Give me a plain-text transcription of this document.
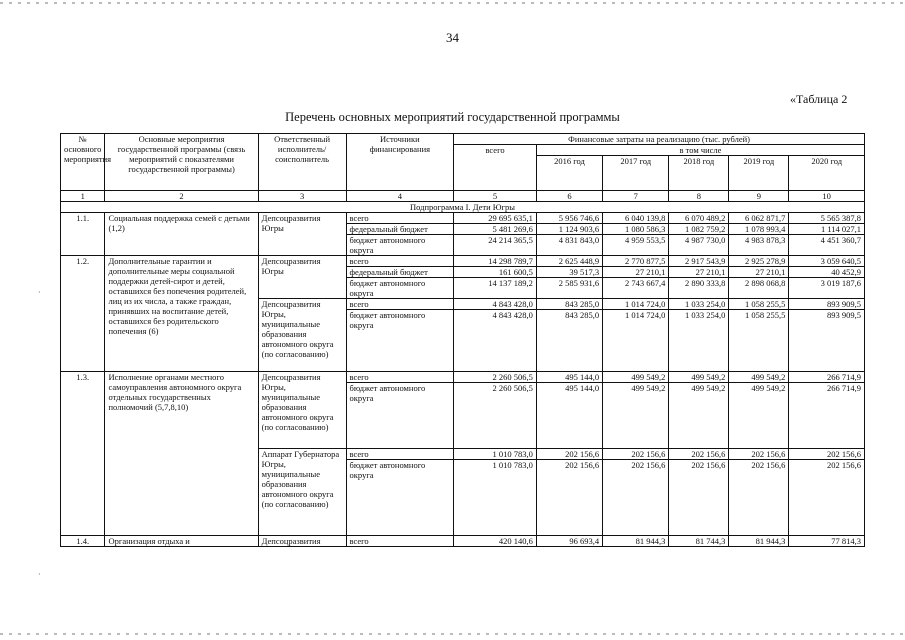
·
·
34
«Таблица 2
Перечень основных мероприятий государственной программы
№ основного мероприятия	Основные мероприятия государственной программы (связь мероприятий с показателями государственной программы)	Ответственный исполнитель/ соисполнитель	Источники финансирования	Финансовые затраты на реализацию (тыс. рублей)					
				всего	в том числе				
					2016 год	2017 год	2018 год	2019 год	2020 год
1	2	3	4	5	6	7	8	9	10
Подпрограмма I. Дети Югры									
1.1.	Социальная поддержка семей с детьми (1,2)	Депсоцразвития Югры	всего	29 695 635,1	5 956 746,6	6 040 139,8	6 070 489,2	6 062 871,7	5 565 387,8
			федеральный бюджет	5 481 269,6	1 124 903,6	1 080 586,3	1 082 759,2	1 078 993,4	1 114 027,1
			бюджет автономного округа	24 214 365,5	4 831 843,0	4 959 553,5	4 987 730,0	4 983 878,3	4 451 360,7
1.2.	Дополнительные гарантии и дополнительные меры социальной поддержки детей-сирот и детей, оставшихся без попечения родителей, лиц из их числа, а также граждан, принявших на воспитание детей, оставшихся без родительского попечения (6)	Депсоцразвития Югры	всего	14 298 789,7	2 625 448,9	2 770 877,5	2 917 543,9	2 925 278,9	3 059 640,5
			федеральный бюджет	161 600,5	39 517,3	27 210,1	27 210,1	27 210,1	40 452,9
			бюджет автономного округа	14 137 189,2	2 585 931,6	2 743 667,4	2 890 333,8	2 898 068,8	3 019 187,6
		Депсоцразвития Югры, муниципальные образования автономного округа (по согласованию)	всего	4 843 428,0	843 285,0	1 014 724,0	1 033 254,0	1 058 255,5	893 909,5
			бюджет автономного округа	4 843 428,0	843 285,0	1 014 724,0	1 033 254,0	1 058 255,5	893 909,5
1.3.	Исполнение органами местного самоуправления автономного округа отдельных государственных полномочий (5,7,8,10)	Депсоцразвития Югры, муниципальные образования автономного округа (по согласованию)	всего	2 260 506,5	495 144,0	499 549,2	499 549,2	499 549,2	266 714,9
			бюджет автономного округа	2 260 506,5	495 144,0	499 549,2	499 549,2	499 549,2	266 714,9
		Аппарат Губернатора Югры, муниципальные образования автономного округа (по согласованию)	всего	1 010 783,0	202 156,6	202 156,6	202 156,6	202 156,6	202 156,6
			бюджет автономного округа	1 010 783,0	202 156,6	202 156,6	202 156,6	202 156,6	202 156,6
1.4.	Организация отдыха и	Депсоцразвития	всего	420 140,6	96 693,4	81 944,3	81 744,3	81 944,3	77 814,3
